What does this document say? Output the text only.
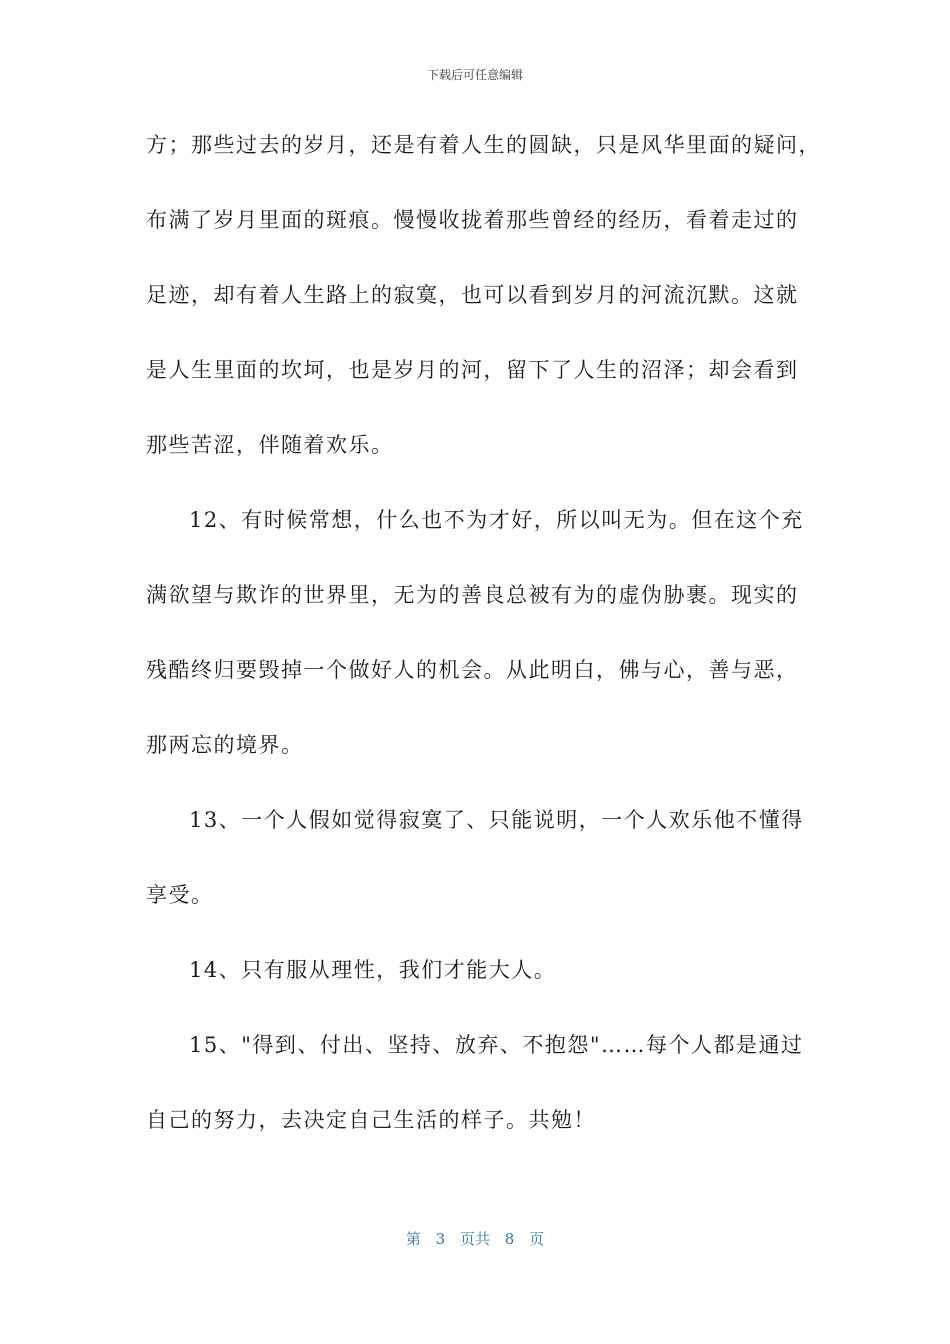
下载后可任意编辑
方；那些过去的岁月，还是有着人生的圆缺，只是风华里面的疑问，
布满了岁月里面的斑痕。慢慢收拢着那些曾经的经历，看着走过的
足迹，却有着人生路上的寂寞，也可以看到岁月的河流沉默。这就
是人生里面的坎坷，也是岁月的河，留下了人生的沼泽；却会看到
那些苦涩，伴随着欢乐。
12、有时候常想，什么也不为才好，所以叫无为。但在这个充
满欲望与欺诈的世界里，无为的善良总被有为的虚伪胁裹。现实的
残酷终归要毁掉一个做好人的机会。从此明白，佛与心，善与恶，
那两忘的境界。
13、一个人假如觉得寂寞了、只能说明，一个人欢乐他不懂得
享受。
14、只有服从理性，我们才能大人。
15、"得到、付出、坚持、放弃、不抱怨"……每个人都是通过
自己的努力，去决定自己生活的样子。共勉！
第 3 页共 8 页
